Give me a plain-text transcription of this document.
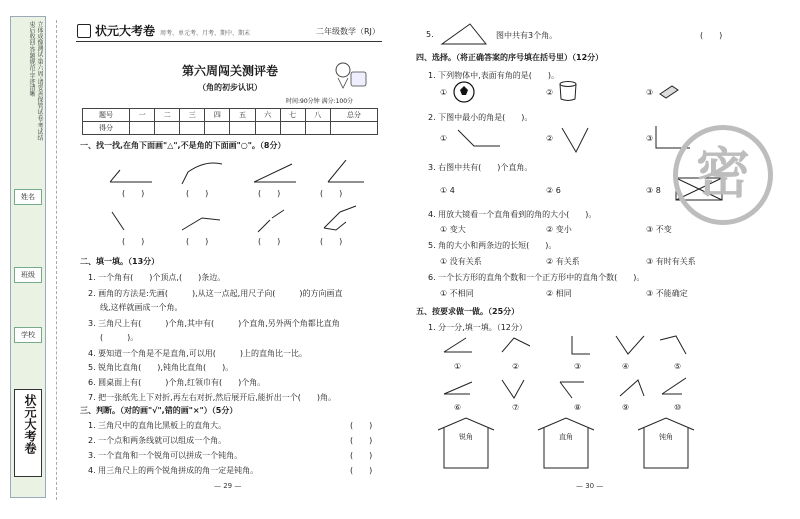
立体成像测试·第六周·请妥善保管试卷·考试结束后收回·答题规范·字迹清晰
姓名
班级
学校
状元大考卷
状元大考卷 周考、单元考、月考、期中、期末	二年级数学（RJ）
第六周闯关测评卷
（角的初步认识）
时间:90分钟 满分:100分
题号	一	二	三	四	五	六	七	八	总分
得分									
一、找一找,在角下面画"△",不是角的下面画"○"。（8分）
(　　)	(　　)	(　　)	(　　)
(　　)	(　　)	(　　)	(　　)
二、填一填。（13分）
1. 一个角有(　　)个顶点,(　　)条边。
2. 画角的方法是:先画(　　　),从这一点起,用尺子向(　　　)的方向画直
线,这样就画成一个角。
3. 三角尺上有(　　　)个角,其中有(　　　)个直角,另外两个角都比直角
(　　　)。
4. 要知道一个角是不是直角,可以用(　　　)上的直角比一比。
5. 锐角比直角(　　),钝角比直角(　　)。
6. 圆桌面上有(　　　)个角,红领巾有(　　)个角。
7. 把一张纸先上下对折,再左右对折,然后展开后,能折出一个(　　)角。
三、判断。（对的画"√",错的画"×"）（5分）
1. 三角尺中的直角比黑板上的直角大。
2. 一个点和两条线就可以组成一个角。
3. 一个直角和一个锐角可以拼成一个钝角。
4. 用三角尺上的两个锐角拼成的角一定是钝角。
(　　)
(　　)
(　　)
(　　)
— 29 —
5.	图中共有3个角。	(　　)
四、选择。（将正确答案的序号填在括号里）（12分）
1. 下列物体中,表面有角的是(　　)。
①	②	③
2. 下图中最小的角是(　　)。
①	②	③
3. 右图中共有(　　)个直角。
① 4	② 6	③ 8
4. 用放大镜看一个直角看到的角的大小(　　)。
① 变大	② 变小	③ 不变
5. 角的大小和两条边的长短(　　)。
① 没有关系	② 有关系	③ 有时有关系
6. 一个长方形的直角个数和一个正方形中的直角个数(　　)。
① 不相同	② 相同	③ 不能确定
五、按要求做一做。（25分）
1. 分一分,填一填。（12分）
①	②	③	④	⑤
⑥	⑦	⑧	⑨	⑩
锐角	直角	钝角
密
— 30 —
